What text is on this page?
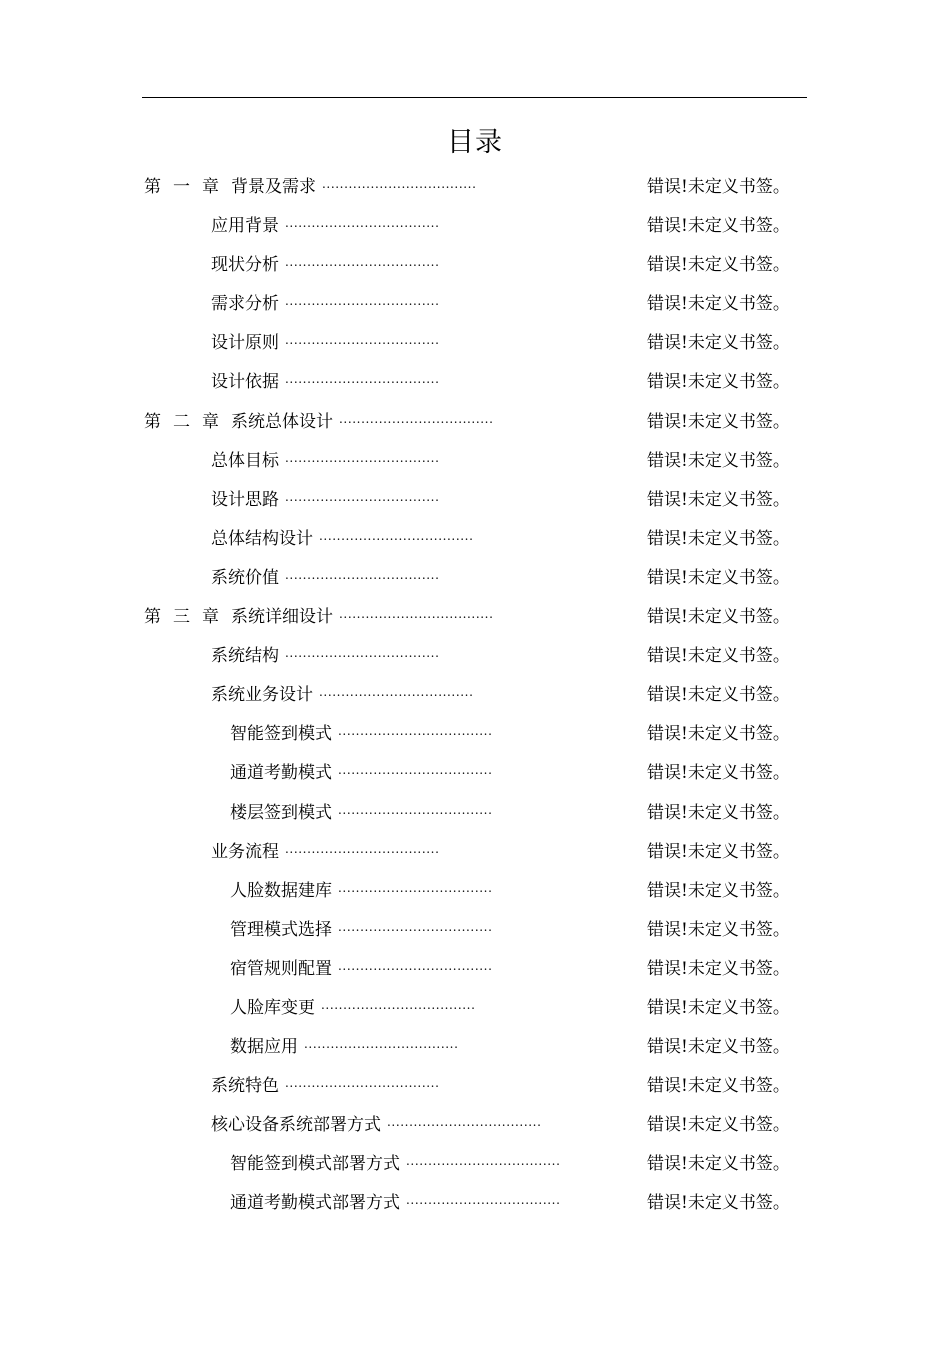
目录
第 一 章 背景及需求 ...................................	错误!未定义书签。
应用背景 ...................................	错误!未定义书签。
现状分析 ...................................	错误!未定义书签。
需求分析 ...................................	错误!未定义书签。
设计原则 ...................................	错误!未定义书签。
设计依据 ...................................	错误!未定义书签。
第 二 章 系统总体设计 ...................................	错误!未定义书签。
总体目标 ...................................	错误!未定义书签。
设计思路 ...................................	错误!未定义书签。
总体结构设计 ...................................	错误!未定义书签。
系统价值 ...................................	错误!未定义书签。
第 三 章 系统详细设计 ...................................	错误!未定义书签。
系统结构 ...................................	错误!未定义书签。
系统业务设计 ...................................	错误!未定义书签。
智能签到模式 ...................................	错误!未定义书签。
通道考勤模式 ...................................	错误!未定义书签。
楼层签到模式 ...................................	错误!未定义书签。
业务流程 ...................................	错误!未定义书签。
人脸数据建库 ...................................	错误!未定义书签。
管理模式选择 ...................................	错误!未定义书签。
宿管规则配置 ...................................	错误!未定义书签。
人脸库变更 ...................................	错误!未定义书签。
数据应用 ...................................	错误!未定义书签。
系统特色 ...................................	错误!未定义书签。
核心设备系统部署方式 ...................................	错误!未定义书签。
智能签到模式部署方式 ...................................	错误!未定义书签。
通道考勤模式部署方式 ...................................	错误!未定义书签。
